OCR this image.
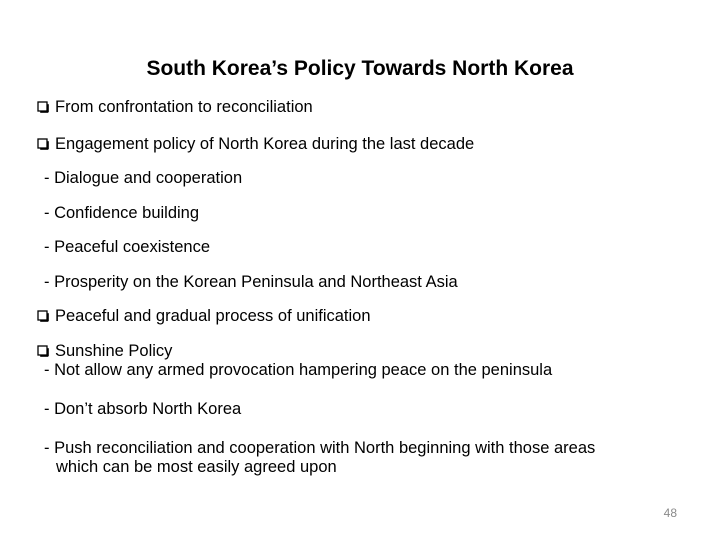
South Korea’s Policy Towards North Korea
From confrontation to reconciliation
Engagement policy of North Korea during the last decade
- Dialogue and cooperation
- Confidence building
- Peaceful coexistence
- Prosperity on the Korean Peninsula and Northeast Asia
Peaceful and gradual process of unification
Sunshine Policy
- Not allow any armed provocation hampering peace on the peninsula
- Don’t absorb North Korea
- Push reconciliation and cooperation with North beginning with those areas
which can be most easily agreed upon
48
